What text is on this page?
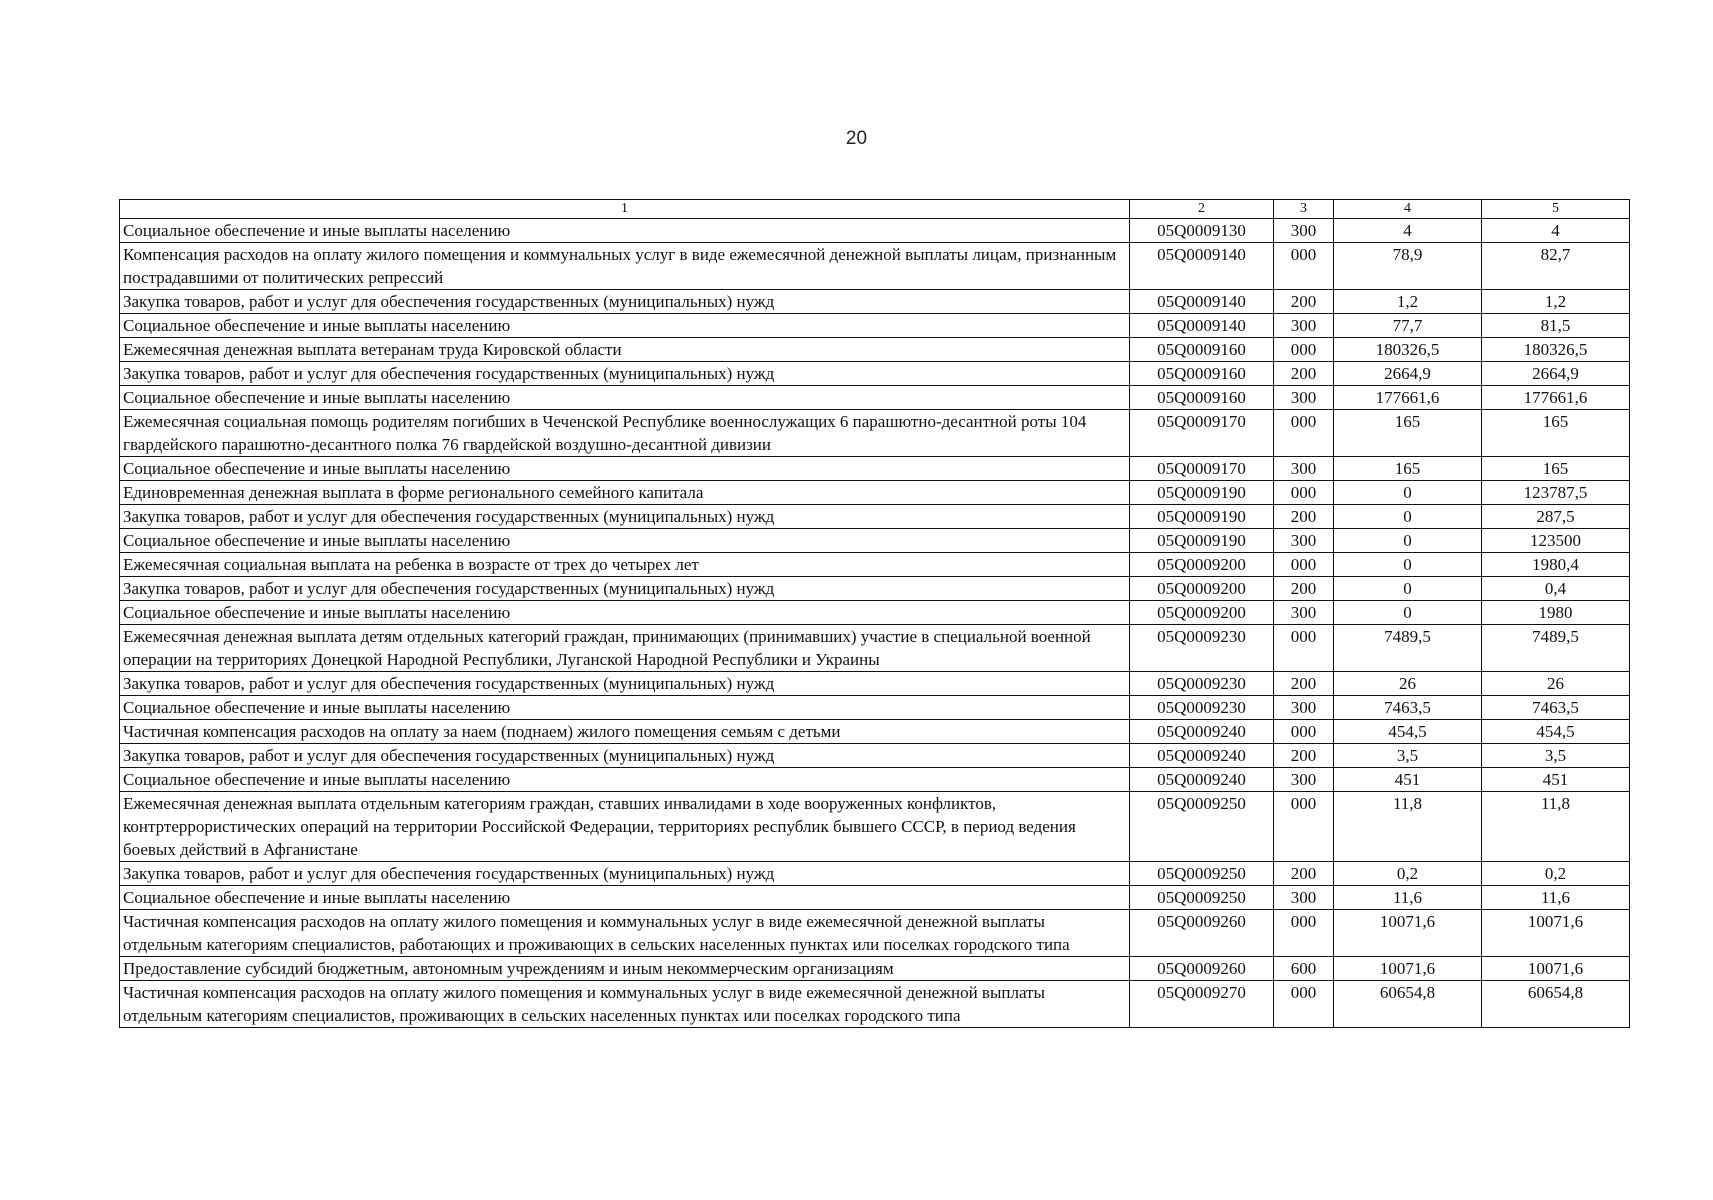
20
1	2	3	4	5
Социальное обеспечение и иные выплаты населению	05Q0009130	300	4	4
Компенсация расходов на оплату жилого помещения и коммунальных услуг в виде ежемесячной денежной выплаты лицам, признанным пострадавшими от политических репрессий	05Q0009140	000	78,9	82,7
Закупка товаров, работ и услуг для обеспечения государственных (муниципальных) нужд	05Q0009140	200	1,2	1,2
Социальное обеспечение и иные выплаты населению	05Q0009140	300	77,7	81,5
Ежемесячная денежная выплата ветеранам труда Кировской области	05Q0009160	000	180326,5	180326,5
Закупка товаров, работ и услуг для обеспечения государственных (муниципальных) нужд	05Q0009160	200	2664,9	2664,9
Социальное обеспечение и иные выплаты населению	05Q0009160	300	177661,6	177661,6
Ежемесячная социальная помощь родителям погибших в Чеченской Республике военнослужащих 6 парашютно-десантной роты 104 гвардейского парашютно-десантного полка 76 гвардейской воздушно-десантной дивизии	05Q0009170	000	165	165
Социальное обеспечение и иные выплаты населению	05Q0009170	300	165	165
Единовременная денежная выплата в форме регионального семейного капитала	05Q0009190	000	0	123787,5
Закупка товаров, работ и услуг для обеспечения государственных (муниципальных) нужд	05Q0009190	200	0	287,5
Социальное обеспечение и иные выплаты населению	05Q0009190	300	0	123500
Ежемесячная социальная выплата на ребенка в возрасте от трех до четырех лет	05Q0009200	000	0	1980,4
Закупка товаров, работ и услуг для обеспечения государственных (муниципальных) нужд	05Q0009200	200	0	0,4
Социальное обеспечение и иные выплаты населению	05Q0009200	300	0	1980
Ежемесячная денежная выплата детям отдельных категорий граждан, принимающих (принимавших) участие в специальной военной операции на территориях Донецкой Народной Республики, Луганской Народной Республики и Украины	05Q0009230	000	7489,5	7489,5
Закупка товаров, работ и услуг для обеспечения государственных (муниципальных) нужд	05Q0009230	200	26	26
Социальное обеспечение и иные выплаты населению	05Q0009230	300	7463,5	7463,5
Частичная компенсация расходов на оплату за наем (поднаем) жилого помещения семьям с детьми	05Q0009240	000	454,5	454,5
Закупка товаров, работ и услуг для обеспечения государственных (муниципальных) нужд	05Q0009240	200	3,5	3,5
Социальное обеспечение и иные выплаты населению	05Q0009240	300	451	451
Ежемесячная денежная выплата отдельным категориям граждан, ставших инвалидами в ходе вооруженных конфликтов, контртеррористических операций на территории Российской Федерации, территориях республик бывшего СССР, в период ведения боевых действий в Афганистане	05Q0009250	000	11,8	11,8
Закупка товаров, работ и услуг для обеспечения государственных (муниципальных) нужд	05Q0009250	200	0,2	0,2
Социальное обеспечение и иные выплаты населению	05Q0009250	300	11,6	11,6
Частичная компенсация расходов на оплату жилого помещения и коммунальных услуг в виде ежемесячной денежной выплаты отдельным категориям специалистов, работающих и проживающих в сельских населенных пунктах или поселках городского типа	05Q0009260	000	10071,6	10071,6
Предоставление субсидий бюджетным, автономным учреждениям и иным некоммерческим организациям	05Q0009260	600	10071,6	10071,6
Частичная компенсация расходов на оплату жилого помещения и коммунальных услуг в виде ежемесячной денежной выплаты отдельным категориям специалистов, проживающих в сельских населенных пунктах или поселках городского типа	05Q0009270	000	60654,8	60654,8
